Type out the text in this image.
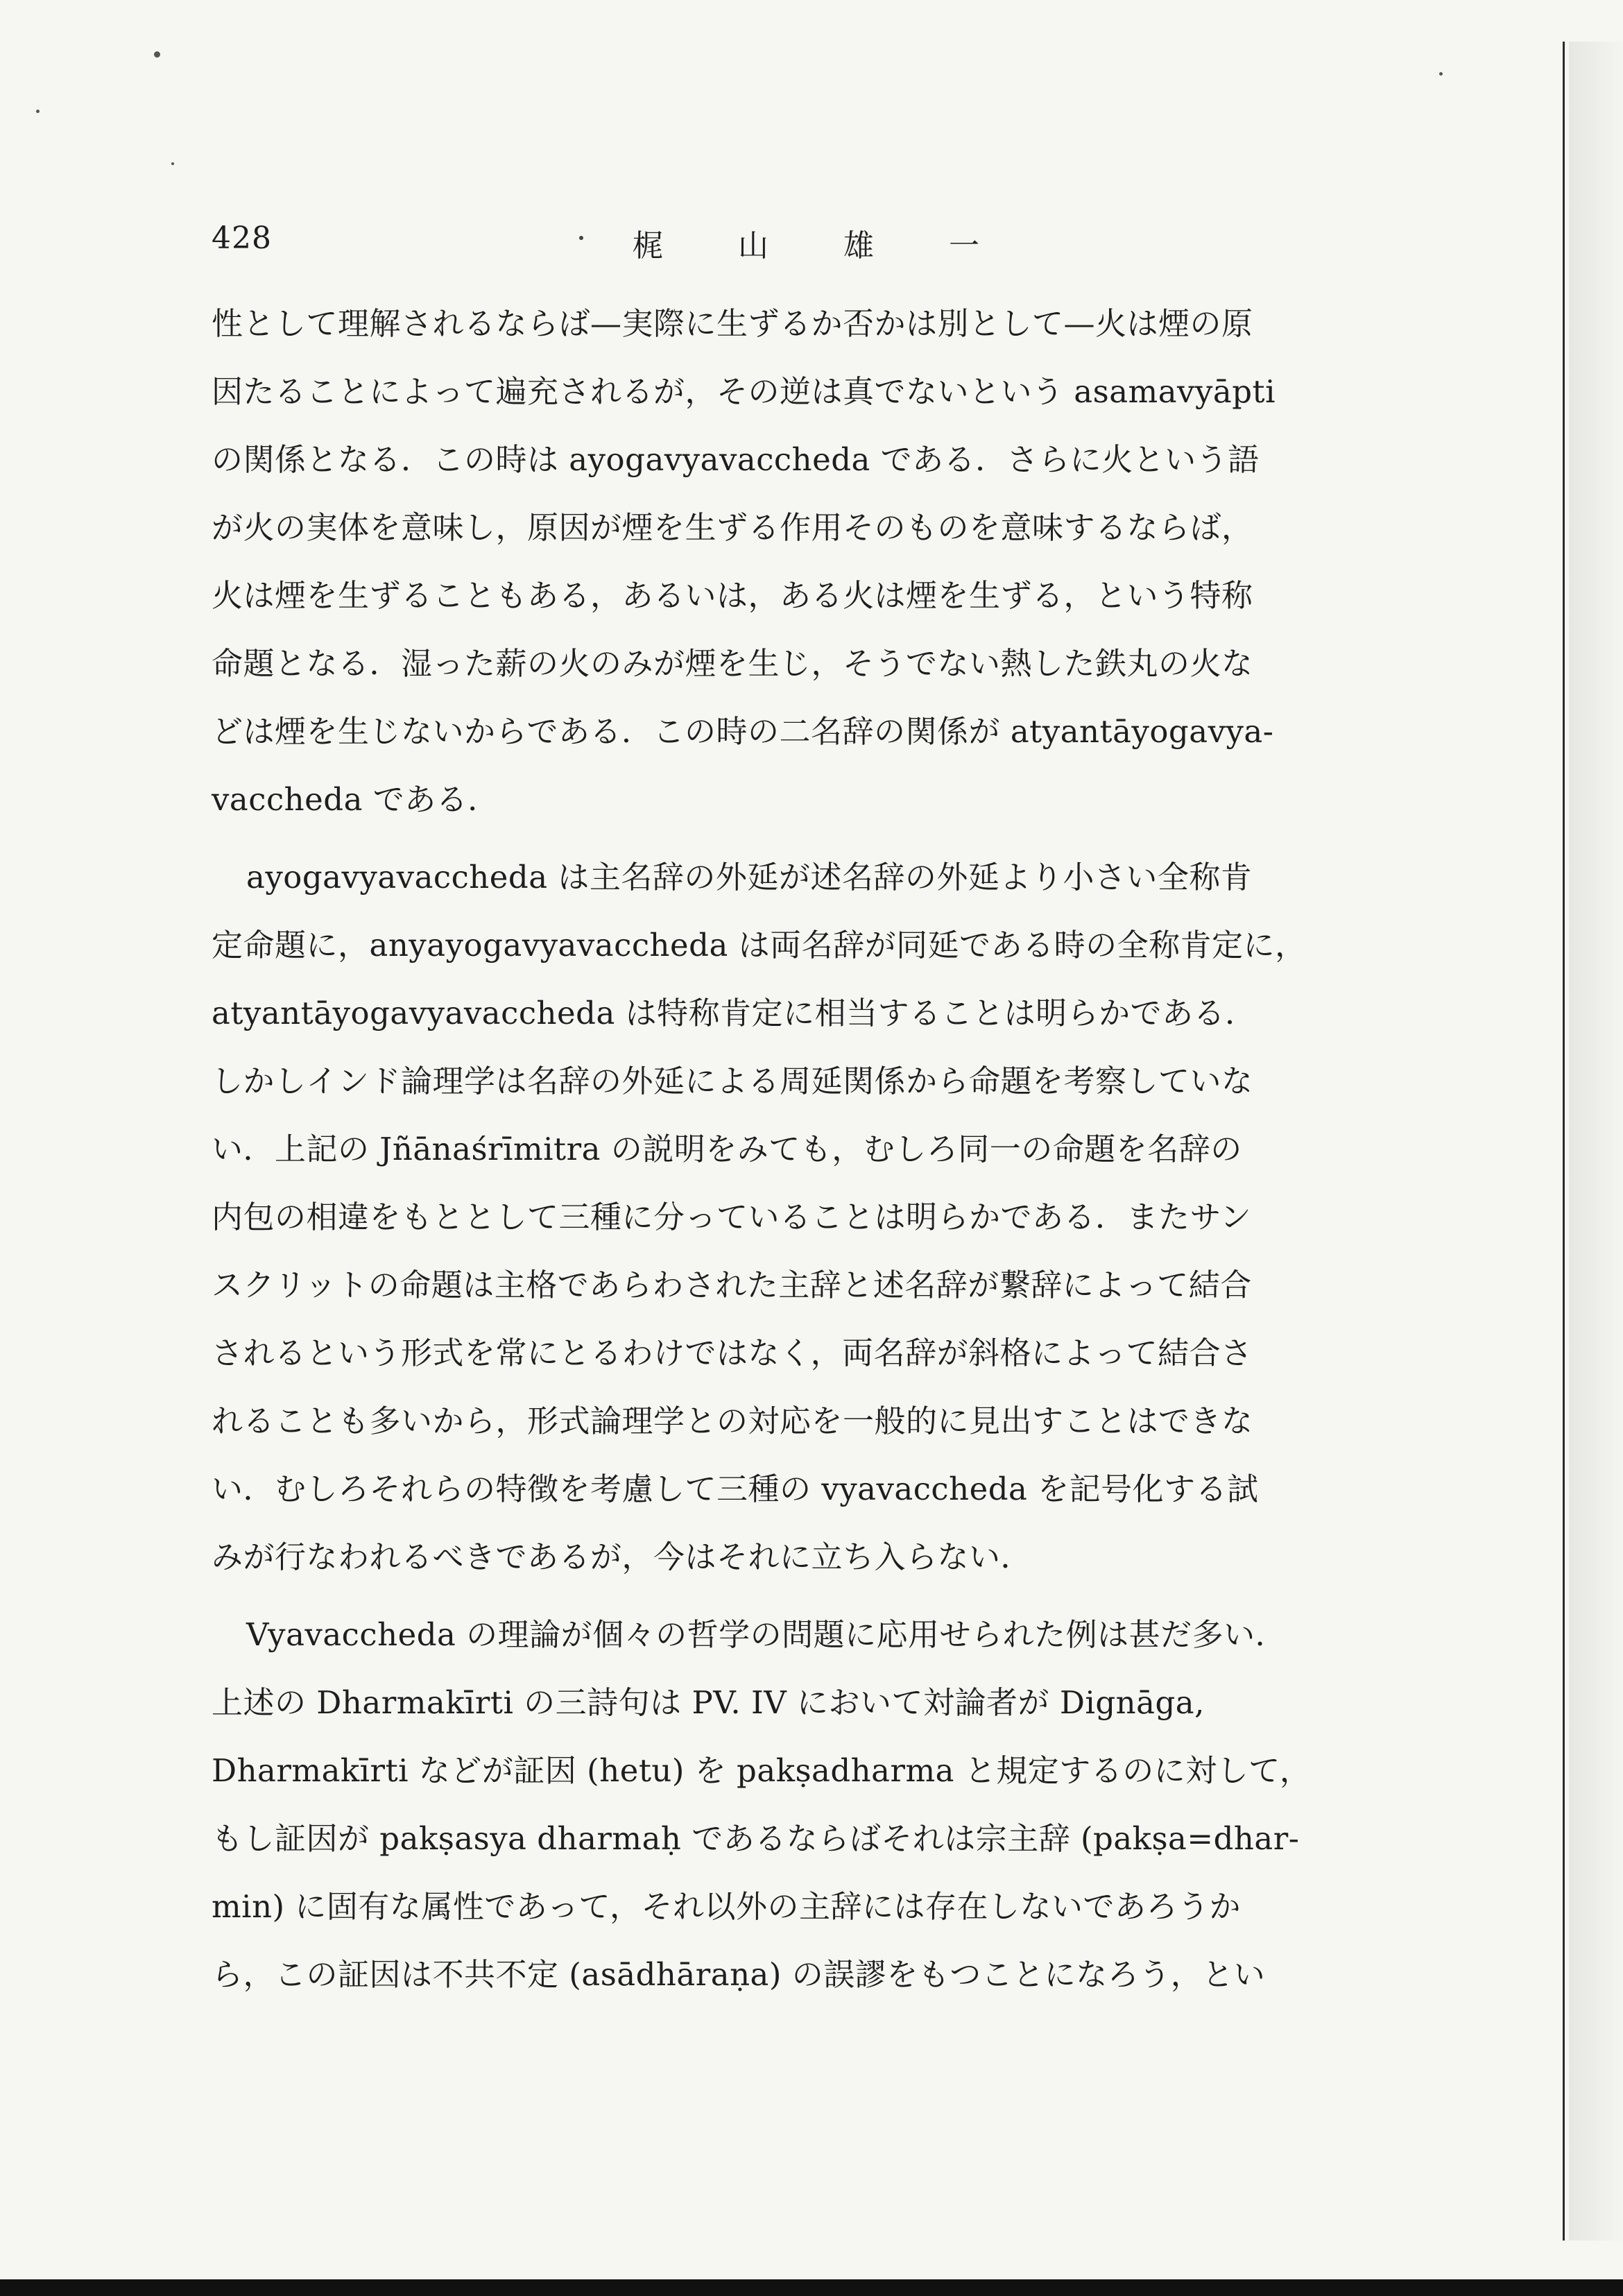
428	梶山雄一
性として理解されるならば—実際に生ずるか否かは別として—火は煙の原
因たることによって遍充されるが，その逆は真でないという asamavyāpti
の関係となる．この時は ayogavyavaccheda である．さらに火という語
が火の実体を意味し，原因が煙を生ずる作用そのものを意味するならば，
火は煙を生ずることもある，あるいは，ある火は煙を生ずる，という特称
命題となる．湿った薪の火のみが煙を生じ，そうでない熱した鉄丸の火な
どは煙を生じないからである．この時の二名辞の関係が atyantāyogavya-
vaccheda である．
ayogavyavaccheda は主名辞の外延が述名辞の外延より小さい全称肯
定命題に，anyayogavyavaccheda は両名辞が同延である時の全称肯定に，
atyantāyogavyavaccheda は特称肯定に相当することは明らかである．
しかしインド論理学は名辞の外延による周延関係から命題を考察していな
い．上記の Jñānaśrīmitra の説明をみても，むしろ同一の命題を名辞の
内包の相違をもととして三種に分っていることは明らかである．またサン
スクリットの命題は主格であらわされた主辞と述名辞が繋辞によって結合
されるという形式を常にとるわけではなく，両名辞が斜格によって結合さ
れることも多いから，形式論理学との対応を一般的に見出すことはできな
い．むしろそれらの特徴を考慮して三種の vyavaccheda を記号化する試
みが行なわれるべきであるが，今はそれに立ち入らない．
Vyavaccheda の理論が個々の哲学の問題に応用せられた例は甚だ多い．
上述の Dharmakīrti の三詩句は PV. IV において対論者が Dignāga,
Dharmakīrti などが証因 (hetu) を pakṣadharma と規定するのに対して，
もし証因が pakṣasya dharmaḥ であるならばそれは宗主辞 (pakṣa=dhar-
min) に固有な属性であって，それ以外の主辞には存在しないであろうか
ら，この証因は不共不定 (asādhāraṇa) の誤謬をもつことになろう，とい
